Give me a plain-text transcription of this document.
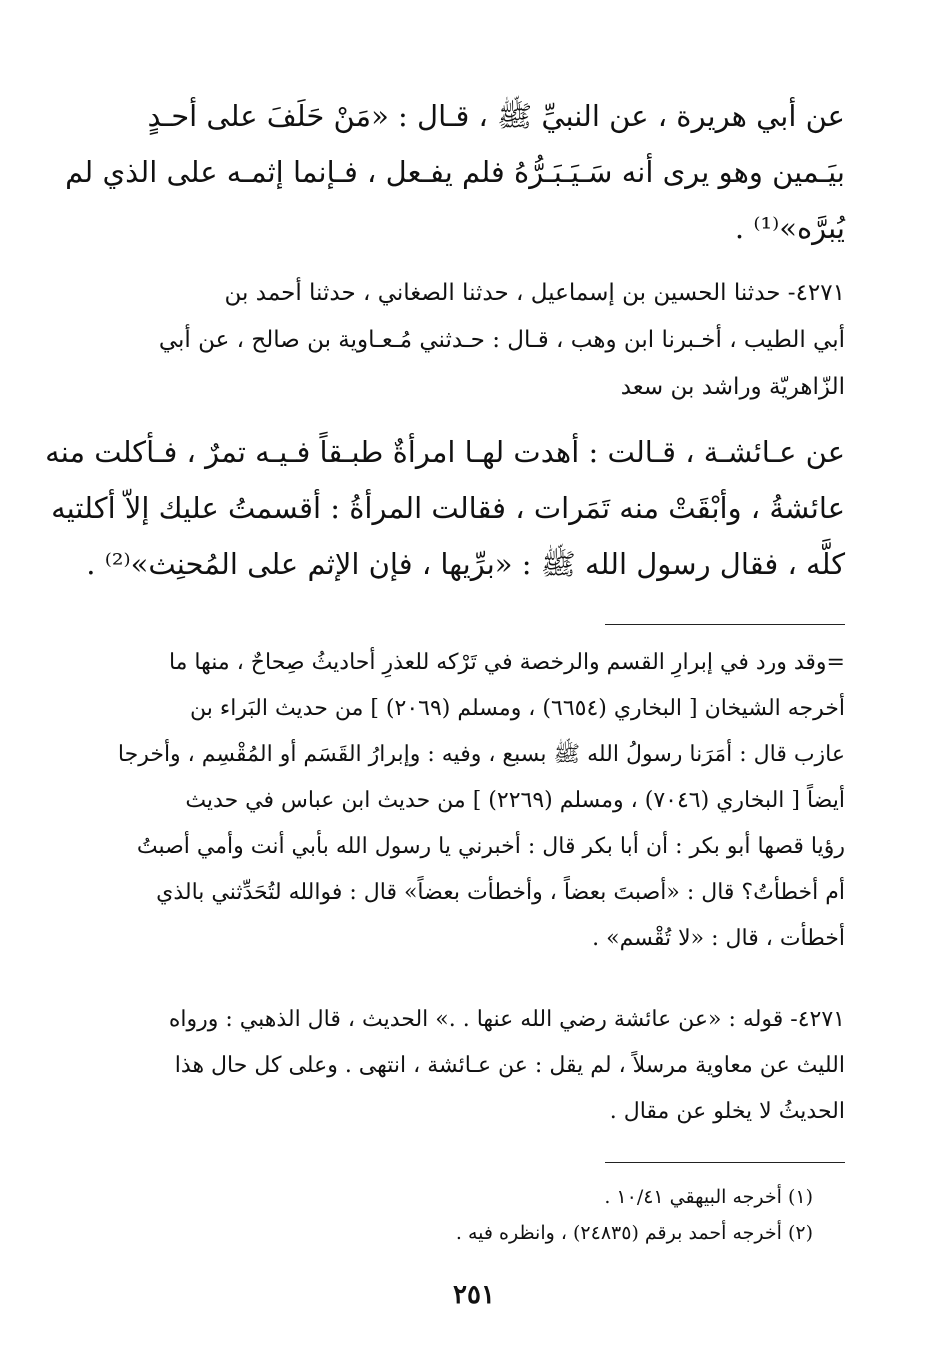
عن أبي هريرة ، عن النبيِّ ﷺ ، قـال : «مَنْ حَلَفَ على أحـدٍ
بيَـمين وهو يرى أنه سَـيَـبَـرُّهُ فلم يفـعل ، فـإنما إثمـه على الذي لم
يُبرَّه»⁽¹⁾ .
٤٢٧١- حدثنا الحسين بن إسماعيل ، حدثنا الصغاني ، حدثنا أحمد بن
أبي الطيب ، أخـبرنا ابن وهب ، قـال : حـدثني مُـعـاوية بن صالح ، عن أبي
الزّاهريّة وراشد بن سعد
عن عـائشـة ، قـالت : أهدت لهـا امرأةٌ طبـقاً فـيـه تمرٌ ، فـأكلت منه
عائشةُ ، وأبْقَتْ منه تَمَرات ، فقالت المرأةُ : أقسمتُ عليك إلاّ أكلتيه
كلَّه ، فقال رسول الله ﷺ : «برِّيها ، فإن الإثم على المُحنِث»⁽²⁾ .
=وقد ورد في إبرارِ القسم والرخصة في تَرْكه للعذرِ أحاديثُ صِحاحٌ ، منها ما
أخرجه الشيخان [ البخاري (٦٦٥٤) ، ومسلم (٢٠٦٩) ] من حديث البَراء بن
عازب قال : أمَرَنا رسولُ الله ﷺ بسبع ، وفيه : وإبرارُ القَسَم أو المُقْسِم ، وأخرجا
أيضاً [ البخاري (٧٠٤٦) ، ومسلم (٢٢٦٩) ] من حديث ابن عباس في حديث
رؤيا قصها أبو بكر : أن أبا بكر قال : أخبرني يا رسول الله بأبي أنت وأمي أصبتُ
أم أخطأتُ؟ قال : «أصبتَ بعضاً ، وأخطأت بعضاً» قال : فوالله لتُحَدِّثني بالذي
أخطأت ، قال : «لا تُقْسم» .
٤٢٧١- قوله : «عن عائشة رضي الله عنها . .» الحديث ، قال الذهبي : ورواه
الليث عن معاوية مرسلاً ، لم يقل : عن عـائشة ، انتهى . وعلى كل حال هذا
الحديثُ لا يخلو عن مقال .
(١) أخرجه البيهقي ١٠/٤١ .
(٢) أخرجه أحمد برقم (٢٤٨٣٥) ، وانظره فيه .
٢٥١
